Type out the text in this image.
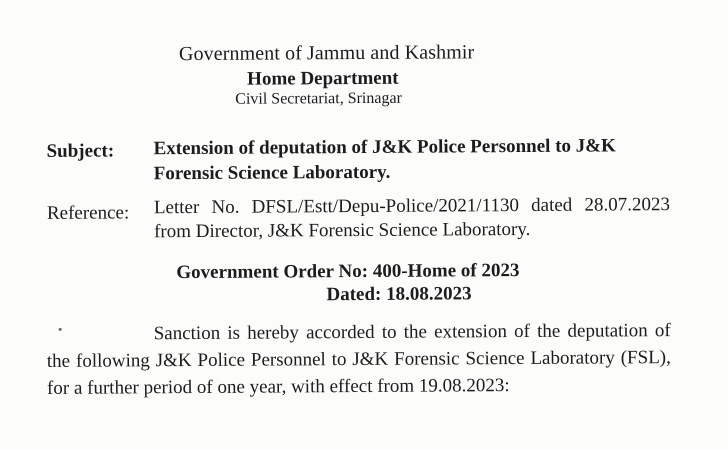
Government of Jammu and Kashmir
Home Department
Civil Secretariat, Srinagar
Subject: Extension of deputation of J&K Police Personnel to J&K Forensic Science Laboratory.
Reference: Letter No. DFSL/Estt/Depu-Police/2021/1130 dated 28.07.2023 from Director, J&K Forensic Science Laboratory.
Government Order No: 400-Home of 2023
Dated: 18.08.2023
Sanction is hereby accorded to the extension of the deputation of the following J&K Police Personnel to J&K Forensic Science Laboratory (FSL), for a further period of one year, with effect from 19.08.2023:
